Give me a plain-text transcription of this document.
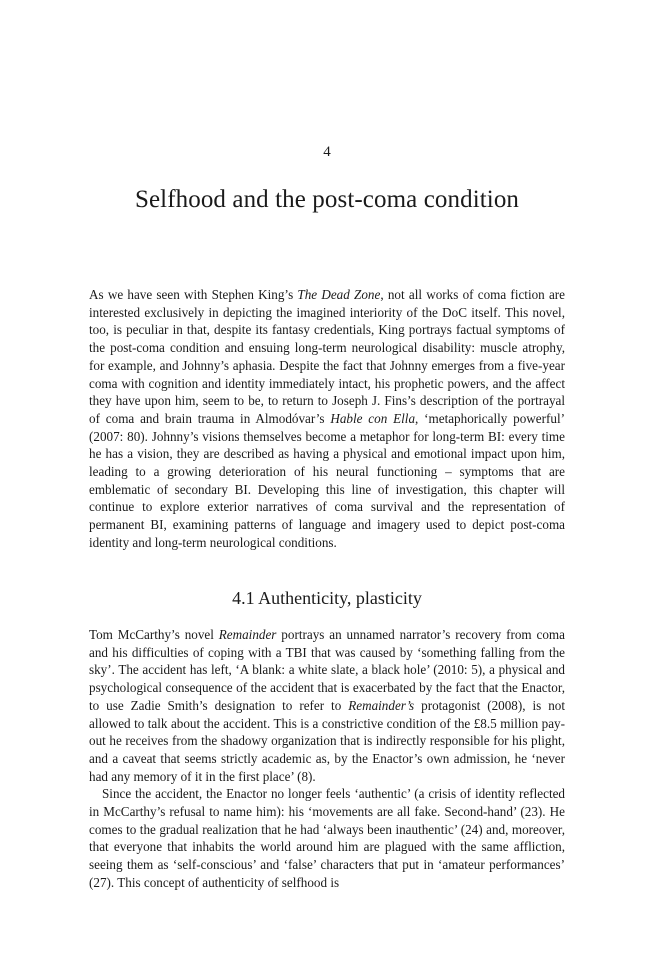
4
Selfhood and the post-coma condition

As we have seen with Stephen King’s The Dead Zone, not all works of coma fiction are interested exclusively in depicting the imagined interiority of the DoC itself. This novel, too, is peculiar in that, despite its fantasy credentials, King portrays factual symptoms of the post-coma condition and ensuing long-term neurological disability: muscle atrophy, for example, and Johnny’s aphasia. Despite the fact that Johnny emerges from a five-year coma with cognition and identity immediately intact, his prophetic powers, and the affect they have upon him, seem to be, to return to Joseph J. Fins’s description of the portrayal of coma and brain trauma in Almodóvar’s Hable con Ella, ‘metaphorically powerful’ (2007: 80). Johnny’s visions themselves become a metaphor for long-term BI: every time he has a vision, they are described as having a physical and emotional impact upon him, leading to a growing deterioration of his neural functioning – symptoms that are emblematic of secondary BI. Developing this line of investigation, this chapter will continue to explore exterior narratives of coma survival and the representation of permanent BI, examining patterns of language and imagery used to depict post-coma identity and long-term neurological conditions.

4.1 Authenticity, plasticity

Tom McCarthy’s novel Remainder portrays an unnamed narrator’s recovery from coma and his difficulties of coping with a TBI that was caused by ‘something falling from the sky’. The accident has left, ‘A blank: a white slate, a black hole’ (2010: 5), a physical and psychological consequence of the accident that is exacerbated by the fact that the Enactor, to use Zadie Smith’s designation to refer to Remainder’s protagonist (2008), is not allowed to talk about the accident. This is a constrictive condition of the £8.5 million pay-out he receives from the shadowy organization that is indirectly responsible for his plight, and a caveat that seems strictly academic as, by the Enactor’s own admission, he ‘never had any memory of it in the first place’ (8).

Since the accident, the Enactor no longer feels ‘authentic’ (a crisis of identity reflected in McCarthy’s refusal to name him): his ‘movements are all fake. Second-hand’ (23). He comes to the gradual realization that he had ‘always been inauthentic’ (24) and, moreover, that everyone that inhabits the world around him are plagued with the same affliction, seeing them as ‘self-conscious’ and ‘false’ characters that put in ‘amateur performances’ (27). This concept of authenticity of selfhood is
